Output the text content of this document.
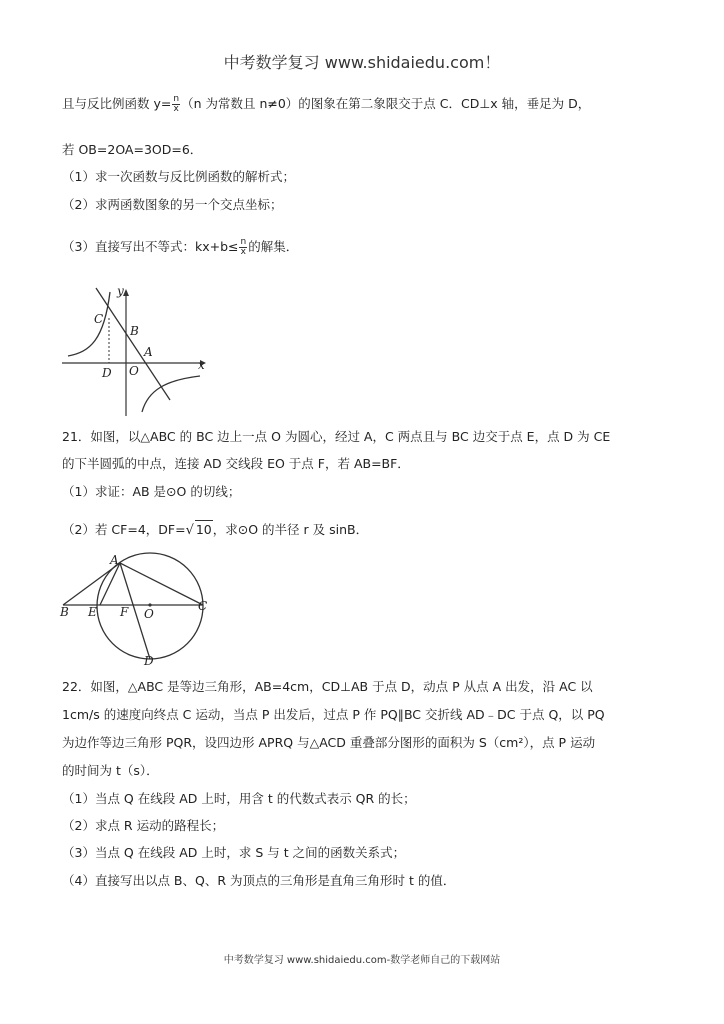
中考数学复习 www.shidaiedu.com！
且与反比例函数 $y= \frac{n}{x} (n$ 为常数且 n≠0）的图象在第二象限交于点 C．CD⊥x 轴，垂足为 D，
若 OB=2OA=3OD=6．
（1）求一次函数与反比例函数的解析式；
（2）求两函数图象的另一个交点坐标；
（3）直接写出不等式：$kx+b\le \frac{n}{x}$ 的解集．
y
x
C
B
A
D O
21．如图，以△ABC 的 BC 边上一点 O 为圆心，经过 A，C 两点且与 BC 边交于点 E，点 D 为 CE
的下半圆弧的中点，连接 AD 交线段 EO 于点 F，若 AB=BF．
（1）求证：AB 是⊙O 的切线；
（2）若 CF=4，DF=√ 10，求⊙O 的半径 r 及 sinB．
A
B E F O
C
D
22．如图，△ABC 是等边三角形，AB=4cm，CD⊥AB 于点 D，动点 P 从点 A 出发，沿 AC 以
1cm/s 的速度向终点 C 运动，当点 P 出发后，过点 P 作 PQ∥BC 交折线 AD﹣DC 于点 Q，以 PQ
为边作等边三角形 PQR，设四边形 APRQ 与△ACD 重叠部分图形的面积为 S（cm²），点 P 运动
的时间为 t（s）．
（1）当点 Q 在线段 AD 上时，用含 t 的代数式表示 QR 的长；
（2）求点 R 运动的路程长；
（3）当点 Q 在线段 AD 上时，求 S 与 t 之间的函数关系式；
（4）直接写出以点 B、Q、R 为顶点的三角形是直角三角形时 t 的值．
中考数学复习 www.shidaiedu.com-数学老师自己的下载网站
